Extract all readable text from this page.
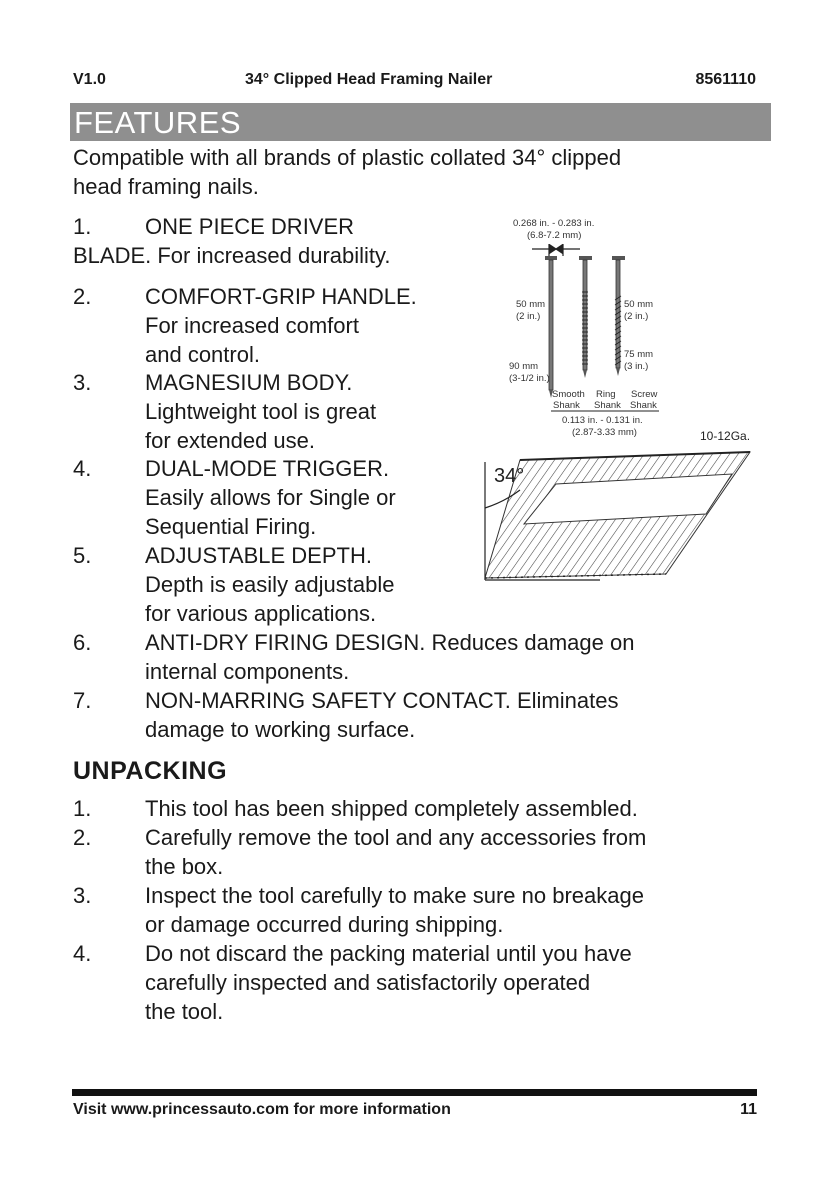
V1.0	34° Clipped Head Framing Nailer	8561110
FEATURES
Compatible with all brands of plastic collated 34° clipped
head framing nails.
1. ONE PIECE DRIVER
BLADE. For increased durability.
2. COMFORT-GRIP HANDLE.
For increased comfort
and control.
3. MAGNESIUM BODY.
Lightweight tool is great
for extended use.
4. DUAL-MODE TRIGGER.
Easily allows for Single or
Sequential Firing.
5. ADJUSTABLE DEPTH.
Depth is easily adjustable
for various applications.
6. ANTI-DRY FIRING DESIGN. Reduces damage on
internal components.
7. NON-MARRING SAFETY CONTACT. Eliminates
damage to working surface.
0.268 in. - 0.283 in.
(6.8-7.2 mm)
50 mm
(2 in.)
50 mm
(2 in.)
75 mm
(3 in.)
90 mm
(3-1/2 in.)
Smooth
Shank
Ring
Shank
Screw
Shank
0.113 in. - 0.131 in.
(2.87-3.33 mm)	10-12Ga.
34°
UNPACKING
1. This tool has been shipped completely assembled.
2. Carefully remove the tool and any accessories from
the box.
3. Inspect the tool carefully to make sure no breakage
or damage occurred during shipping.
4. Do not discard the packing material until you have
carefully inspected and satisfactorily operated
the tool.
Visit www.princessauto.com for more information	11
